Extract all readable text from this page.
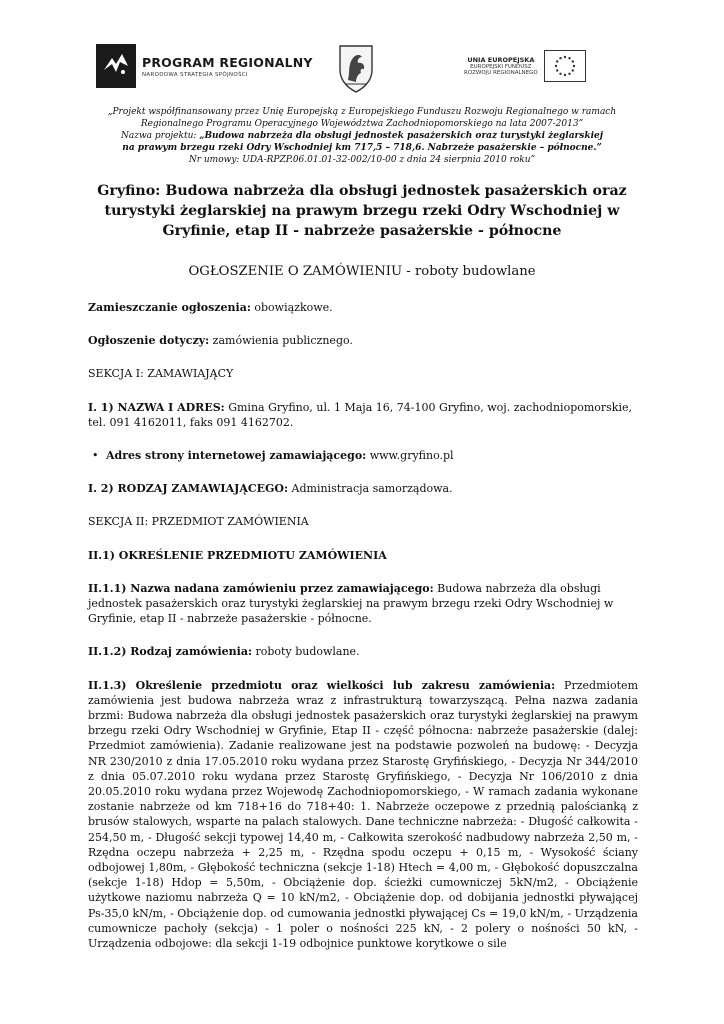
PROGRAM REGIONALNY
NARODOWA STRATEGIA SPÓJNOŚCI
UNIA EUROPEJSKA
EUROPEJSKI FUNDUSZ
ROZWOJU REGIONALNEGO
„Projekt współfinansowany przez Unię Europejską z Europejskiego Funduszu Rozwoju Regionalnego w ramach
Regionalnego Programu Operacyjnego Województwa Zachodniopomorskiego na lata 2007-2013”
Nazwa projektu: „Budowa nabrzeża dla obsługi jednostek pasażerskich oraz turystyki żeglarskiej
na prawym brzegu rzeki Odry Wschodniej km 717,5 – 718,6. Nabrzeże pasażerskie – północne.”
Nr umowy: UDA-RPZP.06.01.01-32-002/10-00 z dnia 24 sierpnia 2010 roku”
Gryfino: Budowa nabrzeża dla obsługi jednostek pasażerskich oraz
turystyki żeglarskiej na prawym brzegu rzeki Odry Wschodniej w
Gryfinie, etap II - nabrzeże pasażerskie - północne
OGŁOSZENIE O ZAMÓWIENIU - roboty budowlane

Zamieszczanie ogłoszenia: obowiązkowe.

Ogłoszenie dotyczy: zamówienia publicznego.

SEKCJA I: ZAMAWIAJĄCY

I. 1) NAZWA I ADRES: Gmina Gryfino, ul. 1 Maja 16, 74-100 Gryfino, woj. zachodniopomorskie, tel. 091 4162011, faks 091 4162702.

• Adres strony internetowej zamawiającego: www.gryfino.pl

I. 2) RODZAJ ZAMAWIAJĄCEGO: Administracja samorządowa.

SEKCJA II: PRZEDMIOT ZAMÓWIENIA

II.1) OKREŚLENIE PRZEDMIOTU ZAMÓWIENIA

II.1.1) Nazwa nadana zamówieniu przez zamawiającego: Budowa nabrzeża dla obsługi jednostek pasażerskich oraz turystyki żeglarskiej na prawym brzegu rzeki Odry Wschodniej w Gryfinie, etap II - nabrzeże pasażerskie - północne.

II.1.2) Rodzaj zamówienia: roboty budowlane.

II.1.3) Określenie przedmiotu oraz wielkości lub zakresu zamówienia: Przedmiotem zamówienia jest budowa nabrzeża wraz z infrastrukturą towarzyszącą. Pełna nazwa zadania brzmi: Budowa nabrzeża dla obsługi jednostek pasażerskich oraz turystyki żeglarskiej na prawym brzegu rzeki Odry Wschodniej w Gryfinie, Etap II - część północna: nabrzeże pasażerskie (dalej: Przedmiot zamówienia). Zadanie realizowane jest na podstawie pozwoleń na budowę: - Decyzja NR 230/2010 z dnia 17.05.2010 roku wydana przez Starostę Gryfińskiego, - Decyzja Nr 344/2010 z dnia 05.07.2010 roku wydana przez Starostę Gryfińskiego, - Decyzja Nr 106/2010 z dnia 20.05.2010 roku wydana przez Wojewodę Zachodniopomorskiego, - W ramach zadania wykonane zostanie nabrzeże od km 718+16 do 718+40: 1. Nabrzeże oczepowe z przednią palościanką z brusów stalowych, wsparte na palach stalowych. Dane techniczne nabrzeża: - Długość całkowita - 254,50 m, - Długość sekcji typowej 14,40 m, - Całkowita szerokość nadbudowy nabrzeża 2,50 m, - Rzędna oczepu nabrzeża + 2,25 m, - Rzędna spodu oczepu + 0,15 m, - Wysokość ściany odbojowej 1,80m, - Głębokość techniczna (sekcje 1-18) Htech = 4,00 m, - Głębokość dopuszczalna (sekcje 1-18) Hdop = 5,50m, - Obciążenie dop. ścieżki cumowniczej 5kN/m2, - Obciążenie użytkowe naziomu nabrzeża Q = 10 kN/m2, - Obciążenie dop. od dobijania jednostki pływającej Ps-35,0 kN/m, - Obciążenie dop. od cumowania jednostki pływającej Cs = 19,0 kN/m, - Urządzenia cumownicze pachoły (sekcja) - 1 poler o nośności 225 kN, - 2 polery o nośności 50 kN, - Urządzenia odbojowe: dla sekcji 1-19 odbojnice punktowe korytkowe o sile
